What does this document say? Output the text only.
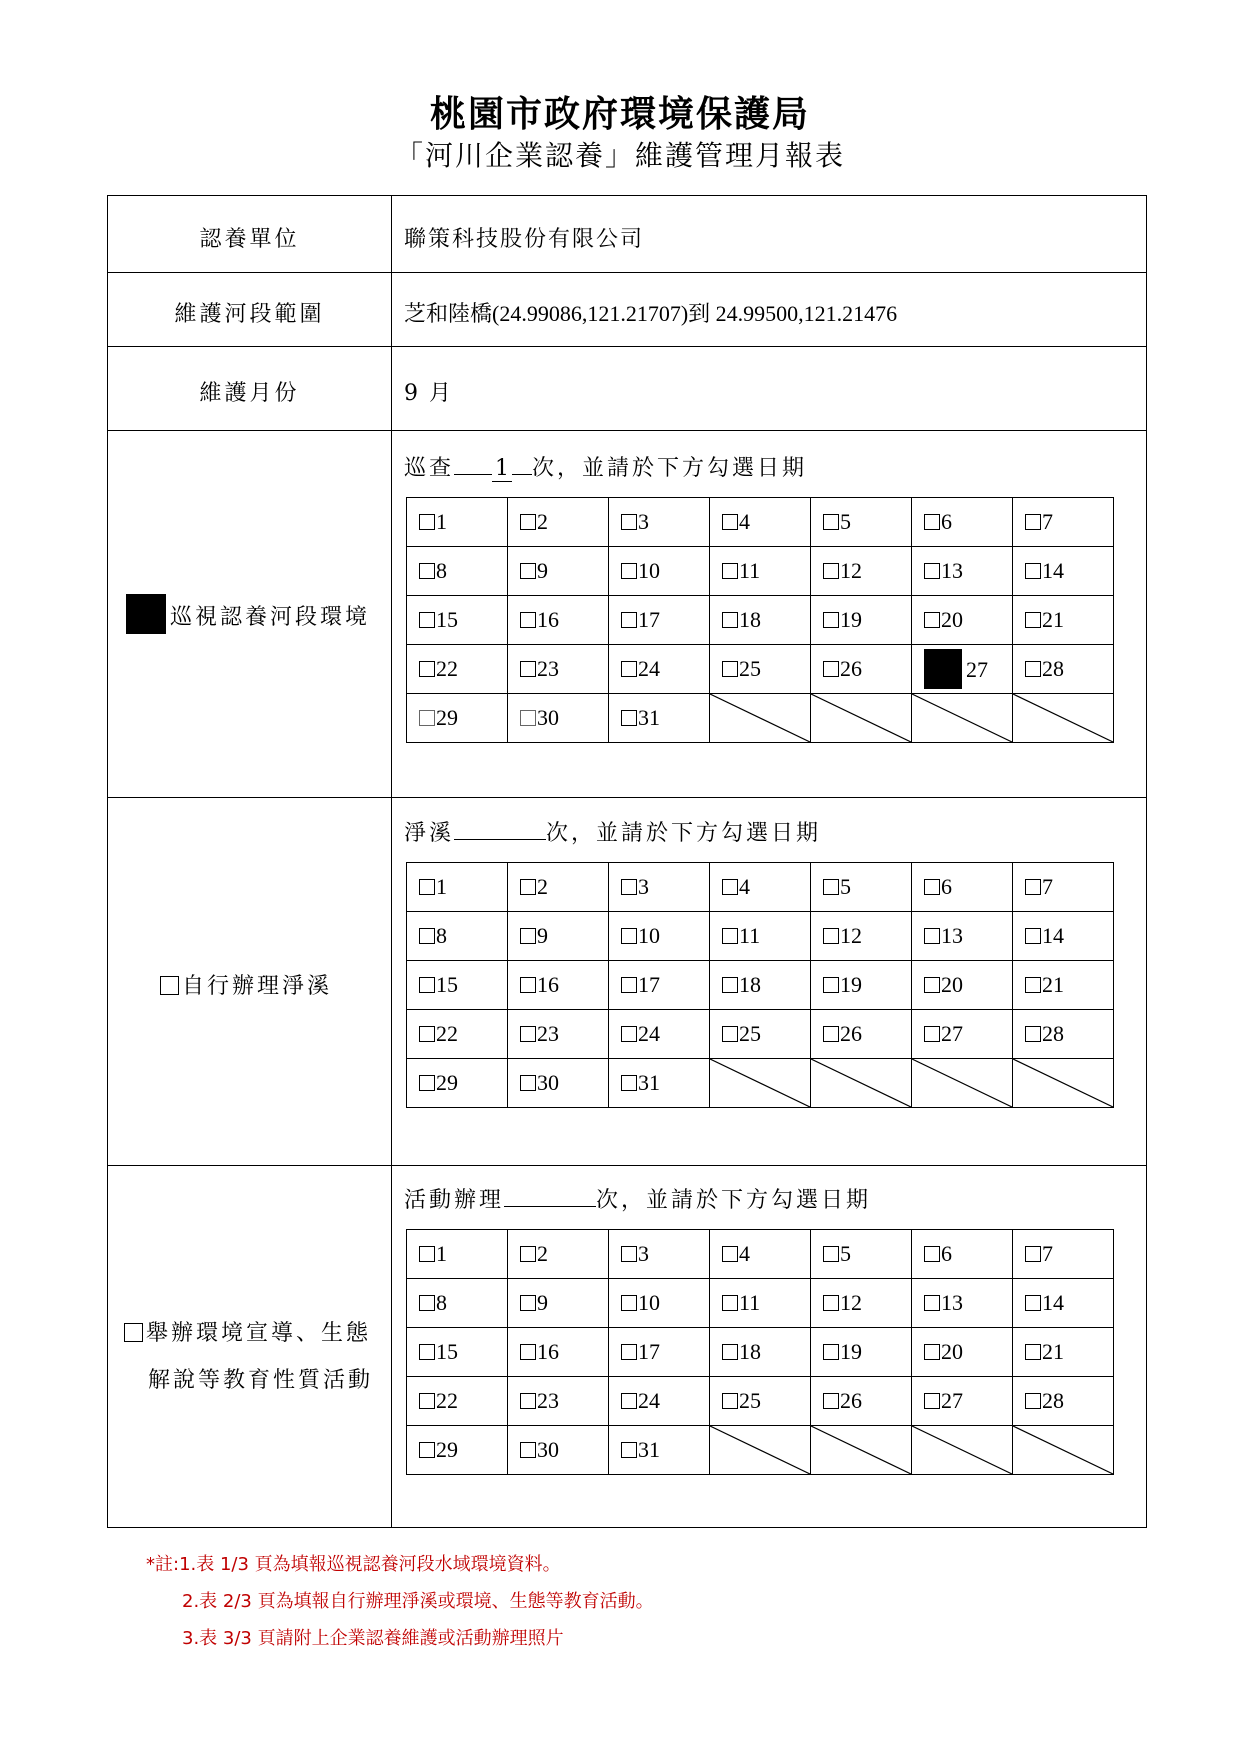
桃園市政府環境保護局
「河川企業認養」維護管理月報表
認養單位	聯策科技股份有限公司
維護河段範圍	芝和陸橋(24.99086,121.21707)到 24.99500,121.21476
維護月份	9 月
巡視認養河段環境
巡查 1 次，並請於下方勾選日期
1	2	3	4	5	6	7
8	9	10	11	12	13	14
15	16	17	18	19	20	21
22	23	24	25	26	27	28
29	30	31	

自行辦理淨溪
淨溪	次，並請於下方勾選日期
1	2	3	4	5	6	7
8	9	10	11	12	13	14
15	16	17	18	19	20	21
22	23	24	25	26	27	28
29	30	31	

舉辦環境宣導、生態
解說等教育性質活動
活動辦理	次，並請於下方勾選日期
1	2	3	4	5	6	7
8	9	10	11	12	13	14
15	16	17	18	19	20	21
22	23	24	25	26	27	28
29	30	31	

*註:1.表 1/3 頁為填報巡視認養河段水域環境資料。
2.表 2/3 頁為填報自行辦理淨溪或環境、生態等教育活動。
3.表 3/3 頁請附上企業認養維護或活動辦理照片
